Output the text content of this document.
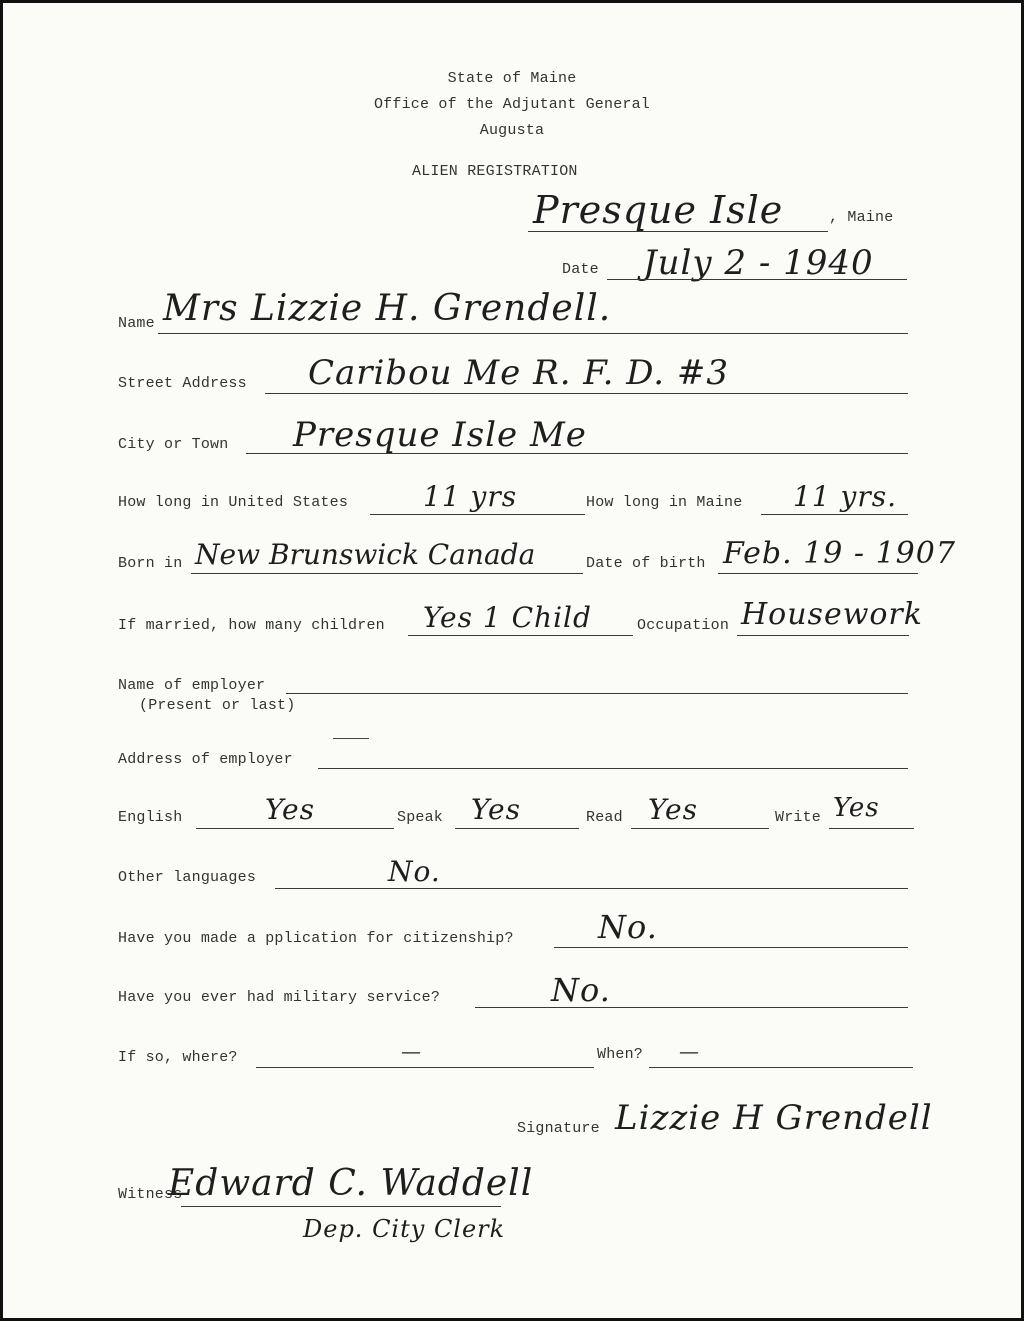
State of Maine
Office of the Adjutant General
Augusta
ALIEN REGISTRATION
Presque Isle	, Maine
Date July 2 - 1940
Name Mrs Lizzie H. Grendell.
Street Address Caribou Me R. F. D. #3
City or Town Presque Isle Me
How long in United States	11 yrs	How long in Maine 11 yrs.
Born in New Brunswick Canada	Date of birth Feb. 19 - 1907
If married, how many children Yes 1 Child	Occupation Housework
Name of employer
(Present or last)
Address of employer
English	Yes	Speak Yes	Read Yes	Write Yes
Other languages	No.
Have you made a pplication for citizenship?	No.
Have you ever had military service?	No.
If so, where?	—	When? —
Signature Lizzie H Grendell
Witness
Edward C. Waddell
Dep. City Clerk
